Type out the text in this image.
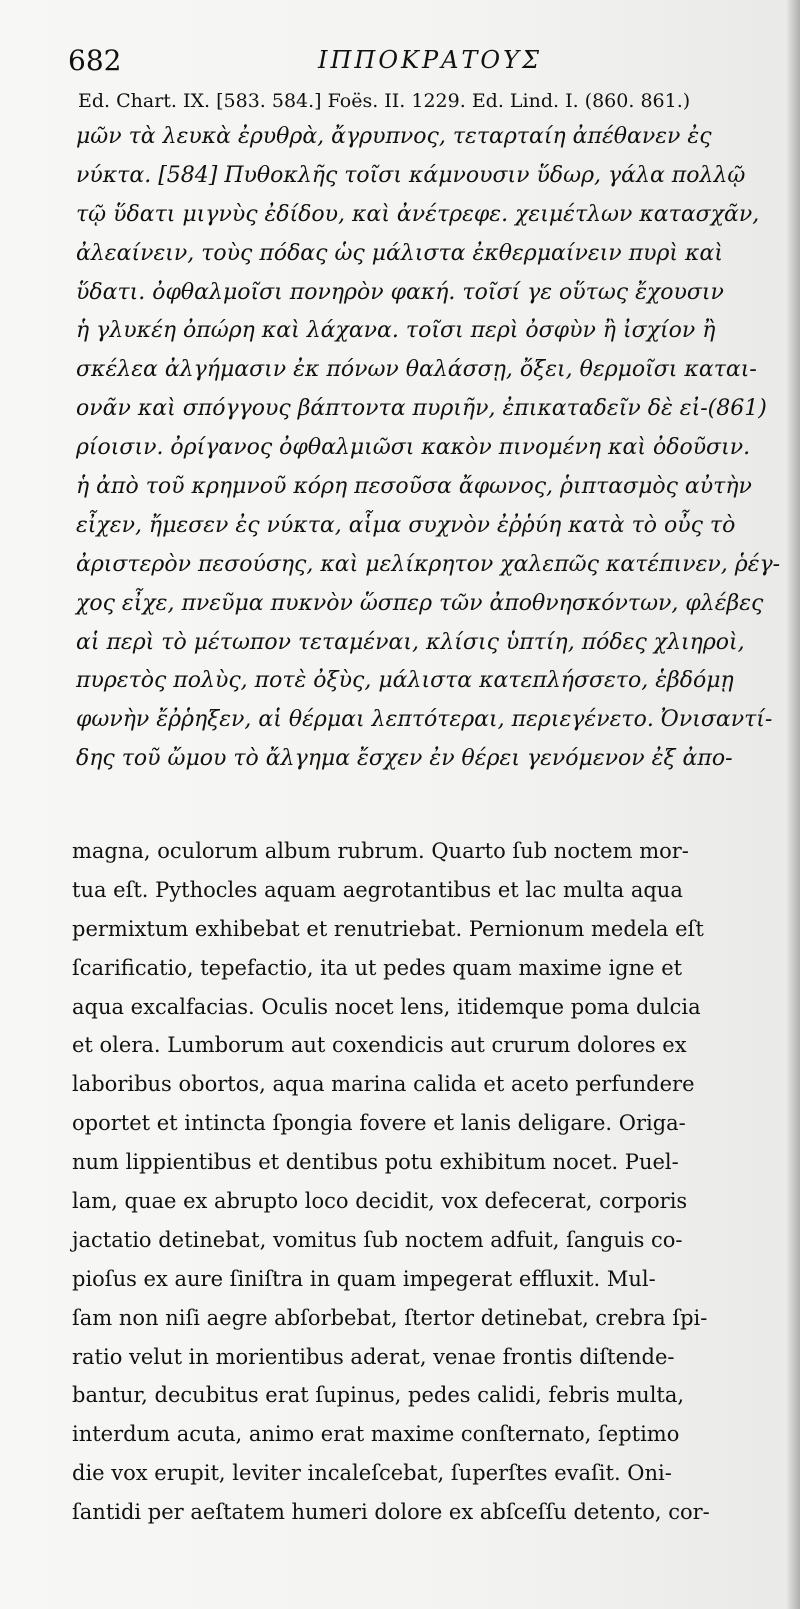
682	ΙΠΠΟΚΡΑΤΟΥΣ
Ed. Chart. IX. [583. 584.] Foës. II. 1229. Ed. Lind. I. (860. 861.)
μῶν τὰ λευκὰ ἐρυθρὰ, ἄγρυπνος, τεταρταίη ἀπέθανεν ἐς
νύκτα. [584] Πυθοκλῆς τοῖσι κάμνουσιν ὕδωρ, γάλα πολλῷ
τῷ ὕδατι μιγνὺς ἐδίδου, καὶ ἀνέτρεφε. χειμέτλων κατασχᾶν,
ἀλεαίνειν, τοὺς πόδας ὡς μάλιστα ἐκθερμαίνειν πυρὶ καὶ
ὕδατι. ὀφθαλμοῖσι πονηρὸν φακή. τοῖσί γε οὕτως ἔχουσιν
ἡ γλυκέη ὀπώρη καὶ λάχανα. τοῖσι περὶ ὀσφὺν ἢ ἰσχίον ἢ
σκέλεα ἀλγήμασιν ἐκ πόνων θαλάσσῃ, ὄξει, θερμοῖσι καται-
ονᾶν καὶ σπόγγους βάπτοντα πυριῆν, ἐπικαταδεῖν δὲ εἰ-(861)
ρίοισιν. ὀρίγανος ὀφθαλμιῶσι κακὸν πινομένη καὶ ὀδοῦσιν.
ἡ ἀπὸ τοῦ κρημνοῦ κόρη πεσοῦσα ἄφωνος, ῥιπτασμὸς αὐτὴν
εἶχεν, ἤμεσεν ἐς νύκτα, αἷμα συχνὸν ἐῤῥύη κατὰ τὸ οὖς τὸ
ἀριστερὸν πεσούσης, καὶ μελίκρητον χαλεπῶς κατέπινεν, ῥέγ-
χος εἶχε, πνεῦμα πυκνὸν ὥσπερ τῶν ἀποθνησκόντων, φλέβες
αἱ περὶ τὸ μέτωπον τεταμέναι, κλίσις ὑπτίη, πόδες χλιηροὶ,
πυρετὸς πολὺς, ποτὲ ὀξὺς, μάλιστα κατεπλήσσετο, ἑβδόμῃ
φωνὴν ἔῤῥηξεν, αἱ θέρμαι λεπτότεραι, περιεγένετο. Ὀνισαντί-
δης τοῦ ὤμου τὸ ἄλγημα ἔσχεν ἐν θέρει γενόμενον ἐξ ἀπο-
magna, oculorum album rubrum. Quarto ſub noctem mor-
tua eſt. Pythocles aquam aegrotantibus et lac multa aqua
permixtum exhibebat et renutriebat. Pernionum medela eſt
ſcarificatio, tepefactio, ita ut pedes quam maxime igne et
aqua excalfacias. Oculis nocet lens, itidemque poma dulcia
et olera. Lumborum aut coxendicis aut crurum dolores ex
laboribus obortos, aqua marina calida et aceto perfundere
oportet et intincta ſpongia fovere et lanis deligare. Origa-
num lippientibus et dentibus potu exhibitum nocet. Puel-
lam, quae ex abrupto loco decidit, vox defecerat, corporis
jactatio detinebat, vomitus ſub noctem adfuit, ſanguis co-
pioſus ex aure ſiniſtra in quam impegerat effluxit. Mul-
ſam non niſi aegre abſorbebat, ſtertor detinebat, crebra ſpi-
ratio velut in morientibus aderat, venae frontis diſtende-
bantur, decubitus erat ſupinus, pedes calidi, febris multa,
interdum acuta, animo erat maxime conſternato, ſeptimo
die vox erupit, leviter incaleſcebat, ſuperſtes evaſit. Oni-
ſantidi per aeſtatem humeri dolore ex abſceſſu detento, cor-
